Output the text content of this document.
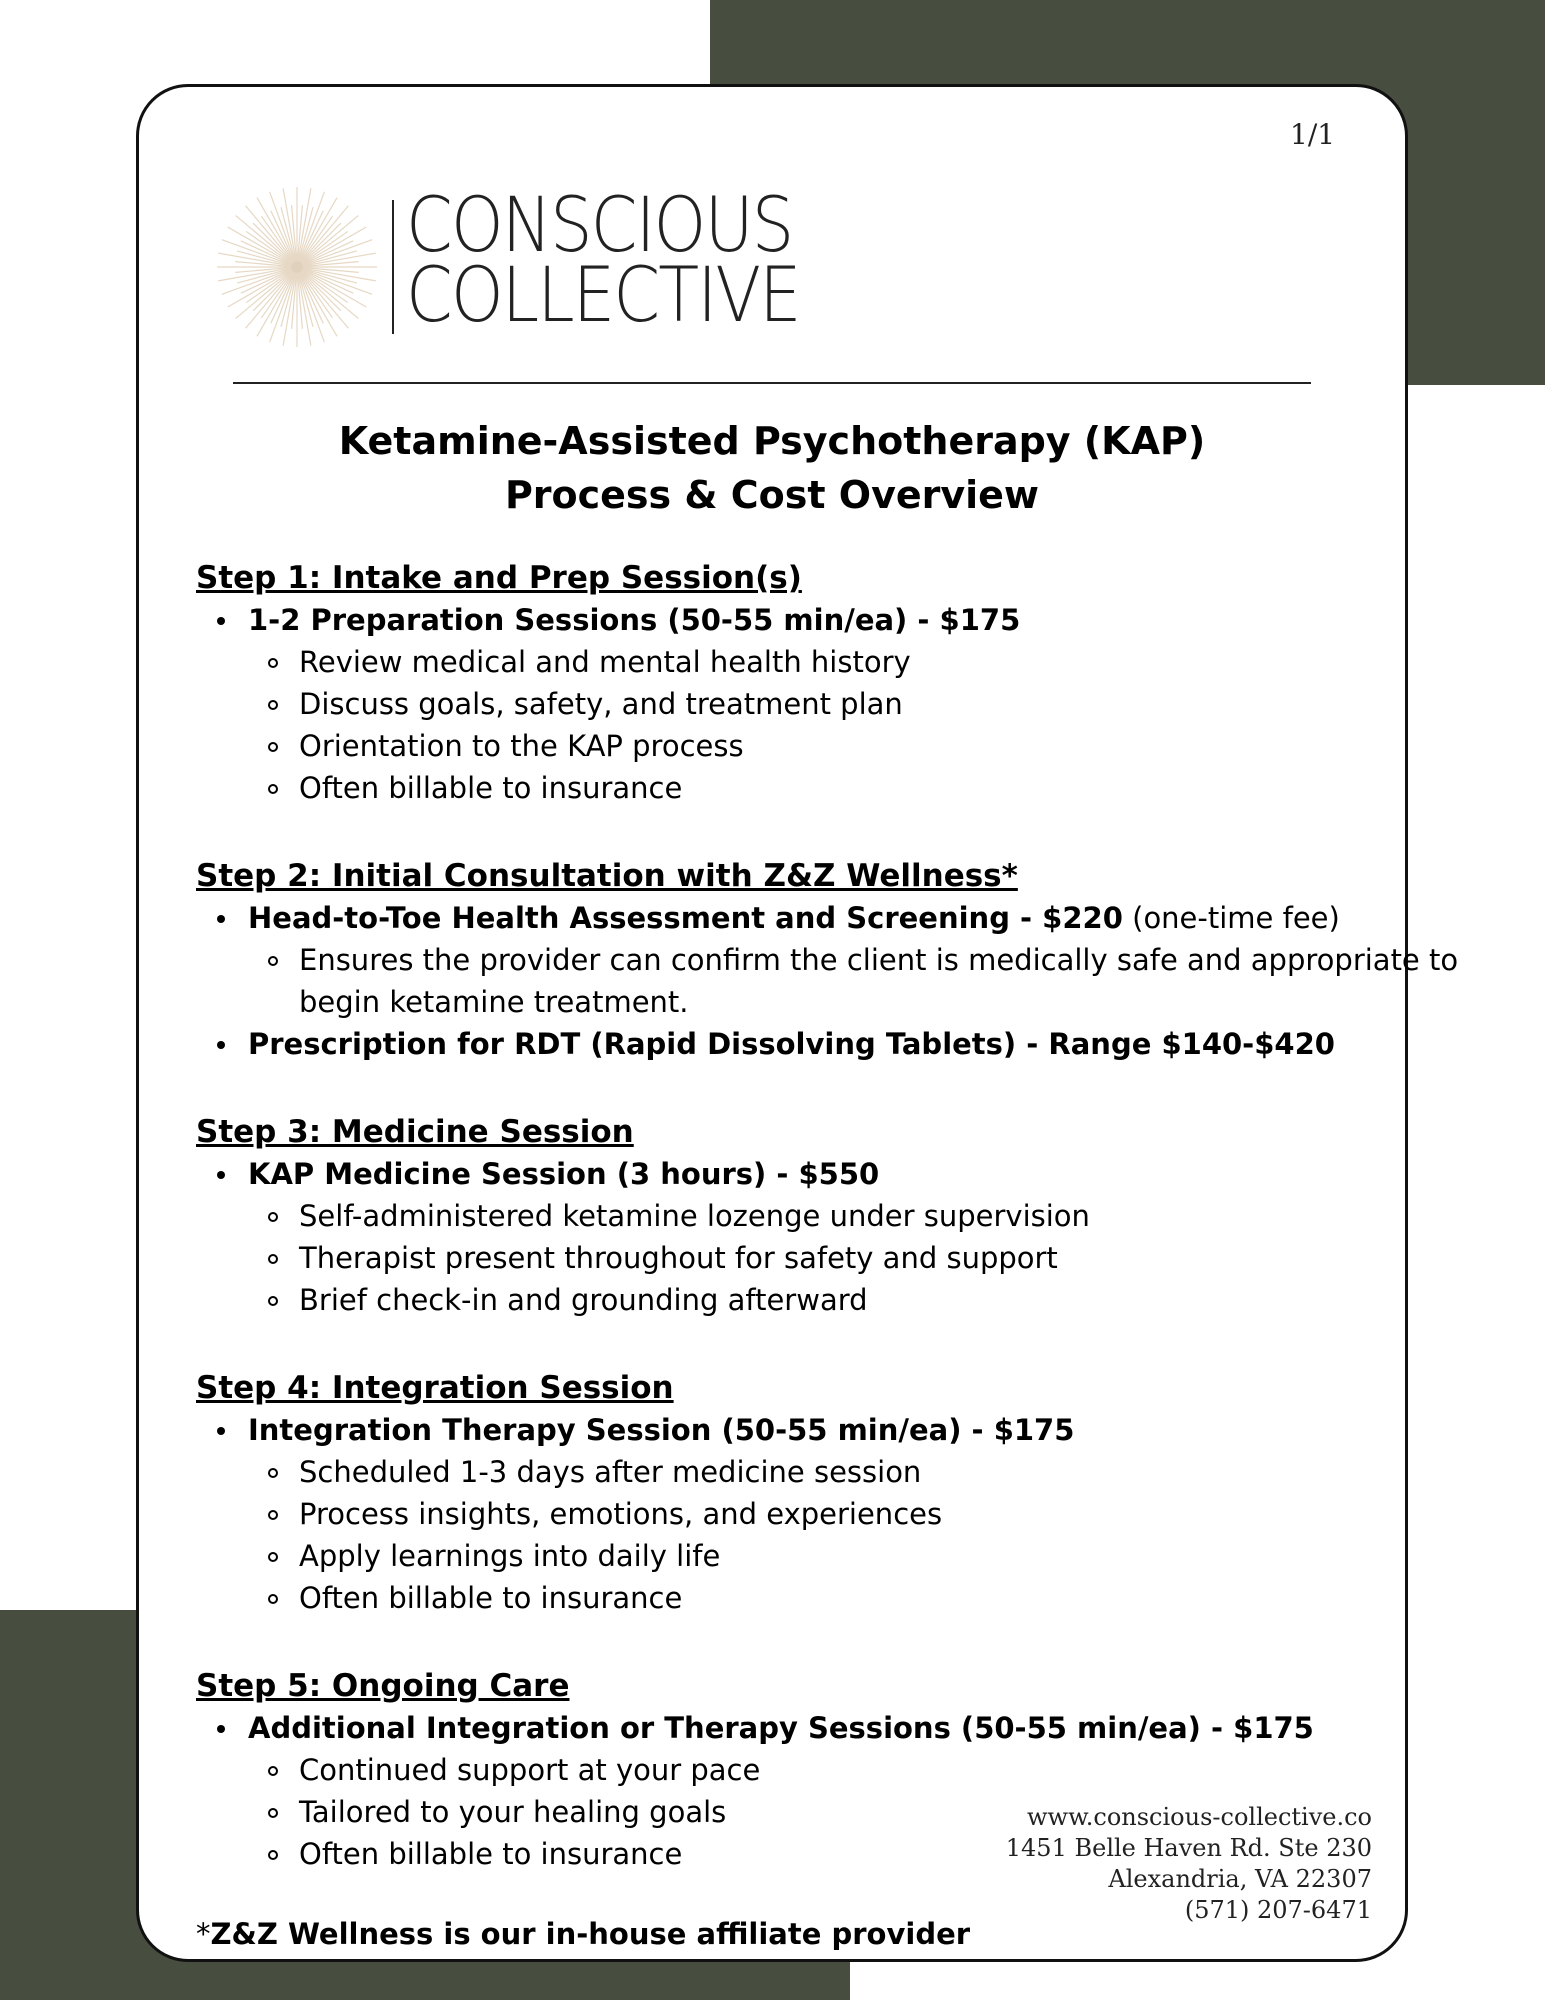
1/1
CONSCIOUS
COLLECTIVE
Ketamine-Assisted Psychotherapy (KAP)
Process & Cost Overview
Step 1: Intake and Prep Session(s)
1-2 Preparation Sessions (50-55 min/ea) - $175
Review medical and mental health history
Discuss goals, safety, and treatment plan
Orientation to the KAP process
Often billable to insurance
Step 2: Initial Consultation with Z&Z Wellness*
Head-to-Toe Health Assessment and Screening - $220 (one-time fee)
Ensures the provider can confirm the client is medically safe and appropriate to begin ketamine treatment.
Prescription for RDT (Rapid Dissolving Tablets) - Range $140-$420
Step 3: Medicine Session
KAP Medicine Session (3 hours) - $550
Self-administered ketamine lozenge under supervision
Therapist present throughout for safety and support
Brief check-in and grounding afterward
Step 4: Integration Session
Integration Therapy Session (50-55 min/ea) - $175
Scheduled 1-3 days after medicine session
Process insights, emotions, and experiences
Apply learnings into daily life
Often billable to insurance
Step 5: Ongoing Care
Additional Integration or Therapy Sessions (50-55 min/ea) - $175
Continued support at your pace
Tailored to your healing goals
Often billable to insurance
*Z&Z Wellness is our in-house affiliate provider
www.conscious-collective.co
1451 Belle Haven Rd. Ste 230
Alexandria, VA 22307
(571) 207-6471
